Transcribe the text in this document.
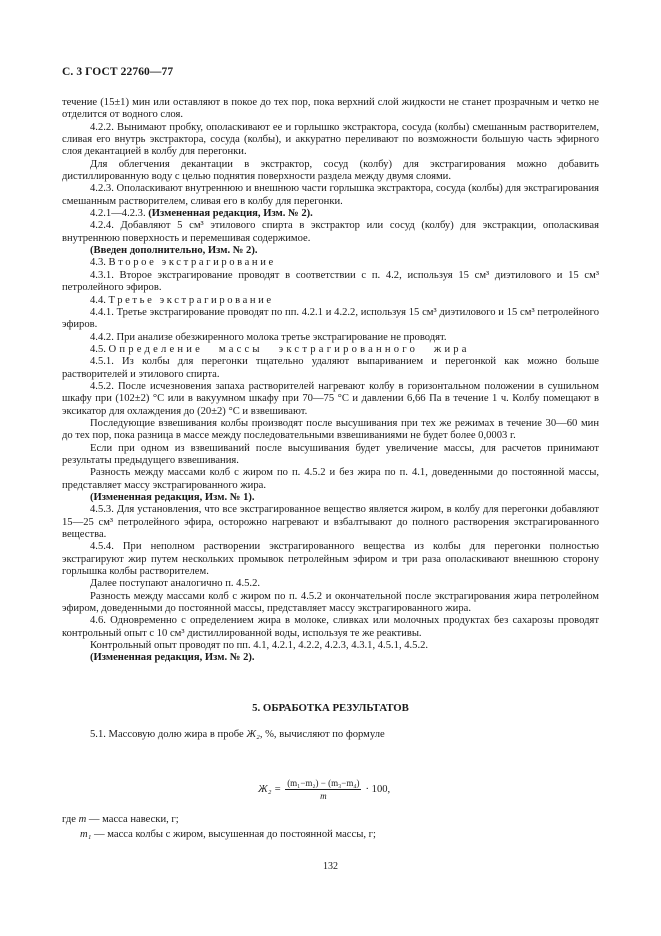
С. 3 ГОСТ 22760—77

течение (15±1) мин или оставляют в покое до тех пор, пока верхний слой жидкости не станет прозрачным и четко не отделится от водного слоя.

4.2.2. Вынимают пробку, ополаскивают ее и горлышко экстрактора, сосуда (колбы) смешанным растворителем, сливая его внутрь экстрактора, сосуда (колбы), и аккуратно переливают по возможности большую часть эфирного слоя декантацией в колбу для перегонки.

Для облегчения декантации в экстрактор, сосуд (колбу) для экстрагирования можно добавить дистиллированную воду с целью поднятия поверхности раздела между двумя слоями.

4.2.3. Ополаскивают внутреннюю и внешнюю части горлышка экстрактора, сосуда (колбы) для экстрагирования смешанным растворителем, сливая его в колбу для перегонки.

4.2.1—4.2.3. (Измененная редакция, Изм. № 2).

4.2.4. Добавляют 5 см³ этилового спирта в экстрактор или сосуд (колбу) для экстракции, ополаскивая внутреннюю поверхность и перемешивая содержимое.

(Введен дополнительно, Изм. № 2).

4.3. Второе экстрагирование

4.3.1. Второе экстрагирование проводят в соответствии с п. 4.2, используя 15 см³ диэтилового и 15 см³ петролейного эфиров.

4.4. Третье экстрагирование

4.4.1. Третье экстрагирование проводят по пп. 4.2.1 и 4.2.2, используя 15 см³ диэтилового и 15 см³ петролейного эфиров.

4.4.2. При анализе обезжиренного молока третье экстрагирование не проводят.

4.5. Определение массы экстрагированного жира

4.5.1. Из колбы для перегонки тщательно удаляют выпариванием и перегонкой как можно больше растворителей и этилового спирта.

4.5.2. После исчезновения запаха растворителей нагревают колбу в горизонтальном положении в сушильном шкафу при (102±2) °С или в вакуумном шкафу при 70—75 °С и давлении 6,66 Па в течение 1 ч. Колбу помещают в эксикатор для охлаждения до (20±2) °С и взвешивают.

Последующие взвешивания колбы производят после высушивания при тех же режимах в течение 30—60 мин до тех пор, пока разница в массе между последовательными взвешиваниями не будет более 0,0003 г.

Если при одном из взвешиваний после высушивания будет увеличение массы, для расчетов принимают результаты предыдущего взвешивания.

Разность между массами колб с жиром по п. 4.5.2 и без жира по п. 4.1, доведенными до постоянной массы, представляет массу экстрагированного жира.

(Измененная редакция, Изм. № 1).

4.5.3. Для установления, что все экстрагированное вещество является жиром, в колбу для перегонки добавляют 15—25 см³ петролейного эфира, осторожно нагревают и взбалтывают до полного растворения экстрагированного вещества.

4.5.4. При неполном растворении экстрагированного вещества из колбы для перегонки полностью экстрагируют жир путем нескольких промывок петролейным эфиром и три раза ополаскивают внешнюю сторону горлышка колбы растворителем.

Далее поступают аналогично п. 4.5.2.

Разность между массами колб с жиром по п. 4.5.2 и окончательной после экстрагирования жира петролейном эфиром, доведенными до постоянной массы, представляет массу экстрагированного жира.

4.6. Одновременно с определением жира в молоке, сливках или молочных продуктах без сахарозы проводят контрольный опыт с 10 см³ дистиллированной воды, используя те же реактивы.

Контрольный опыт проводят по пп. 4.1, 4.2.1, 4.2.2, 4.2.3, 4.3.1, 4.5.1, 4.5.2.

(Измененная редакция, Изм. № 2).

5. ОБРАБОТКА РЕЗУЛЬТАТОВ
5.1. Массовую долю жира в пробе Ж₂, %, вычисляют по формуле
$Ж_2 = \frac{\text{(m₁−m₂) − (m₃−m₄)}}{m} \cdot 100$,
где m — масса навески, г;
m₁ — масса колбы с жиром, высушенная до постоянной массы, г;
132
